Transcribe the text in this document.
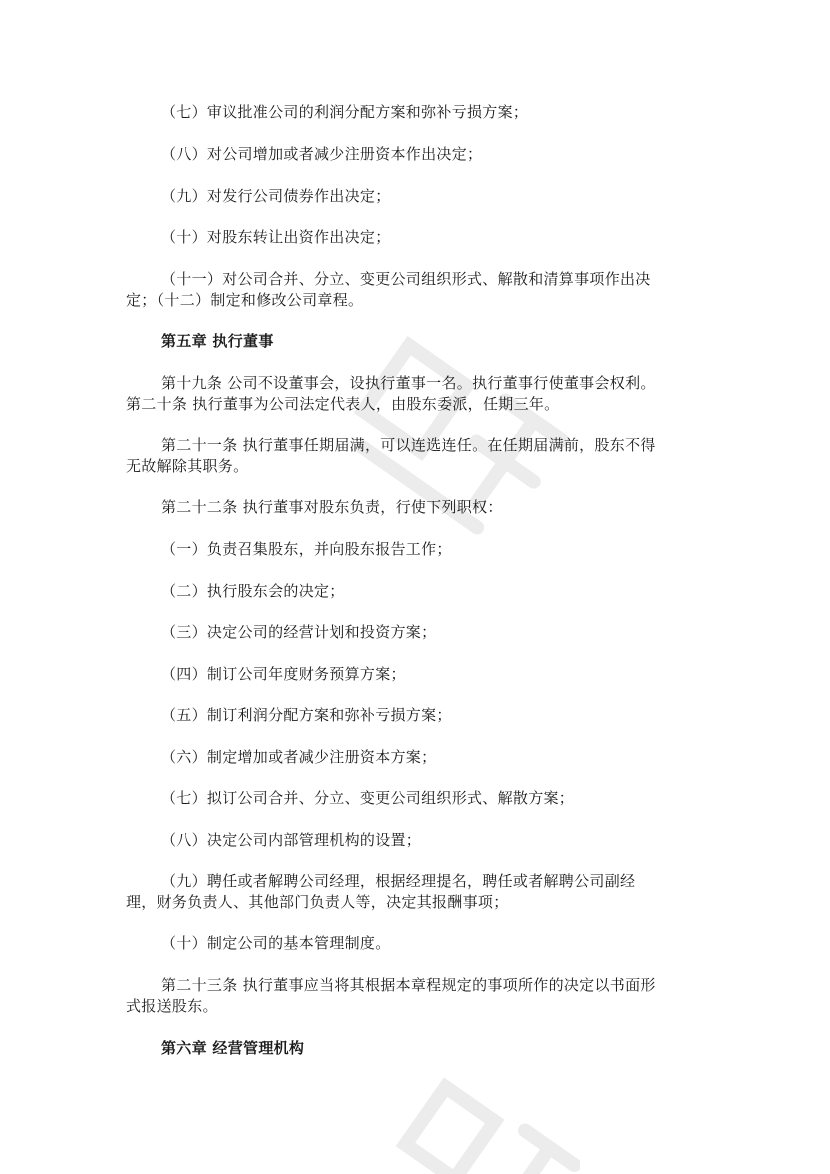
（七）审议批准公司的利润分配方案和弥补亏损方案；
（八）对公司增加或者减少注册资本作出决定；
（九）对发行公司债券作出决定；
（十）对股东转让出资作出决定；
（十一）对公司合并、分立、变更公司组织形式、解散和清算事项作出决
定；（十二）制定和修改公司章程。
第五章 执行董事
第十九条 公司不设董事会，设执行董事一名。执行董事行使董事会权利。
第二十条 执行董事为公司法定代表人，由股东委派，任期三年。
第二十一条 执行董事任期届满，可以连选连任。在任期届满前，股东不得
无故解除其职务。
第二十二条 执行董事对股东负责，行使下列职权：
（一）负责召集股东，并向股东报告工作；
（二）执行股东会的决定；
（三）决定公司的经营计划和投资方案；
（四）制订公司年度财务预算方案；
（五）制订利润分配方案和弥补亏损方案；
（六）制定增加或者减少注册资本方案；
（七）拟订公司合并、分立、变更公司组织形式、解散方案；
（八）决定公司内部管理机构的设置；
（九）聘任或者解聘公司经理，根据经理提名，聘任或者解聘公司副经
理，财务负责人、其他部门负责人等，决定其报酬事项；
（十）制定公司的基本管理制度。
第二十三条 执行董事应当将其根据本章程规定的事项所作的决定以书面形
式报送股东。
第六章 经营管理机构
